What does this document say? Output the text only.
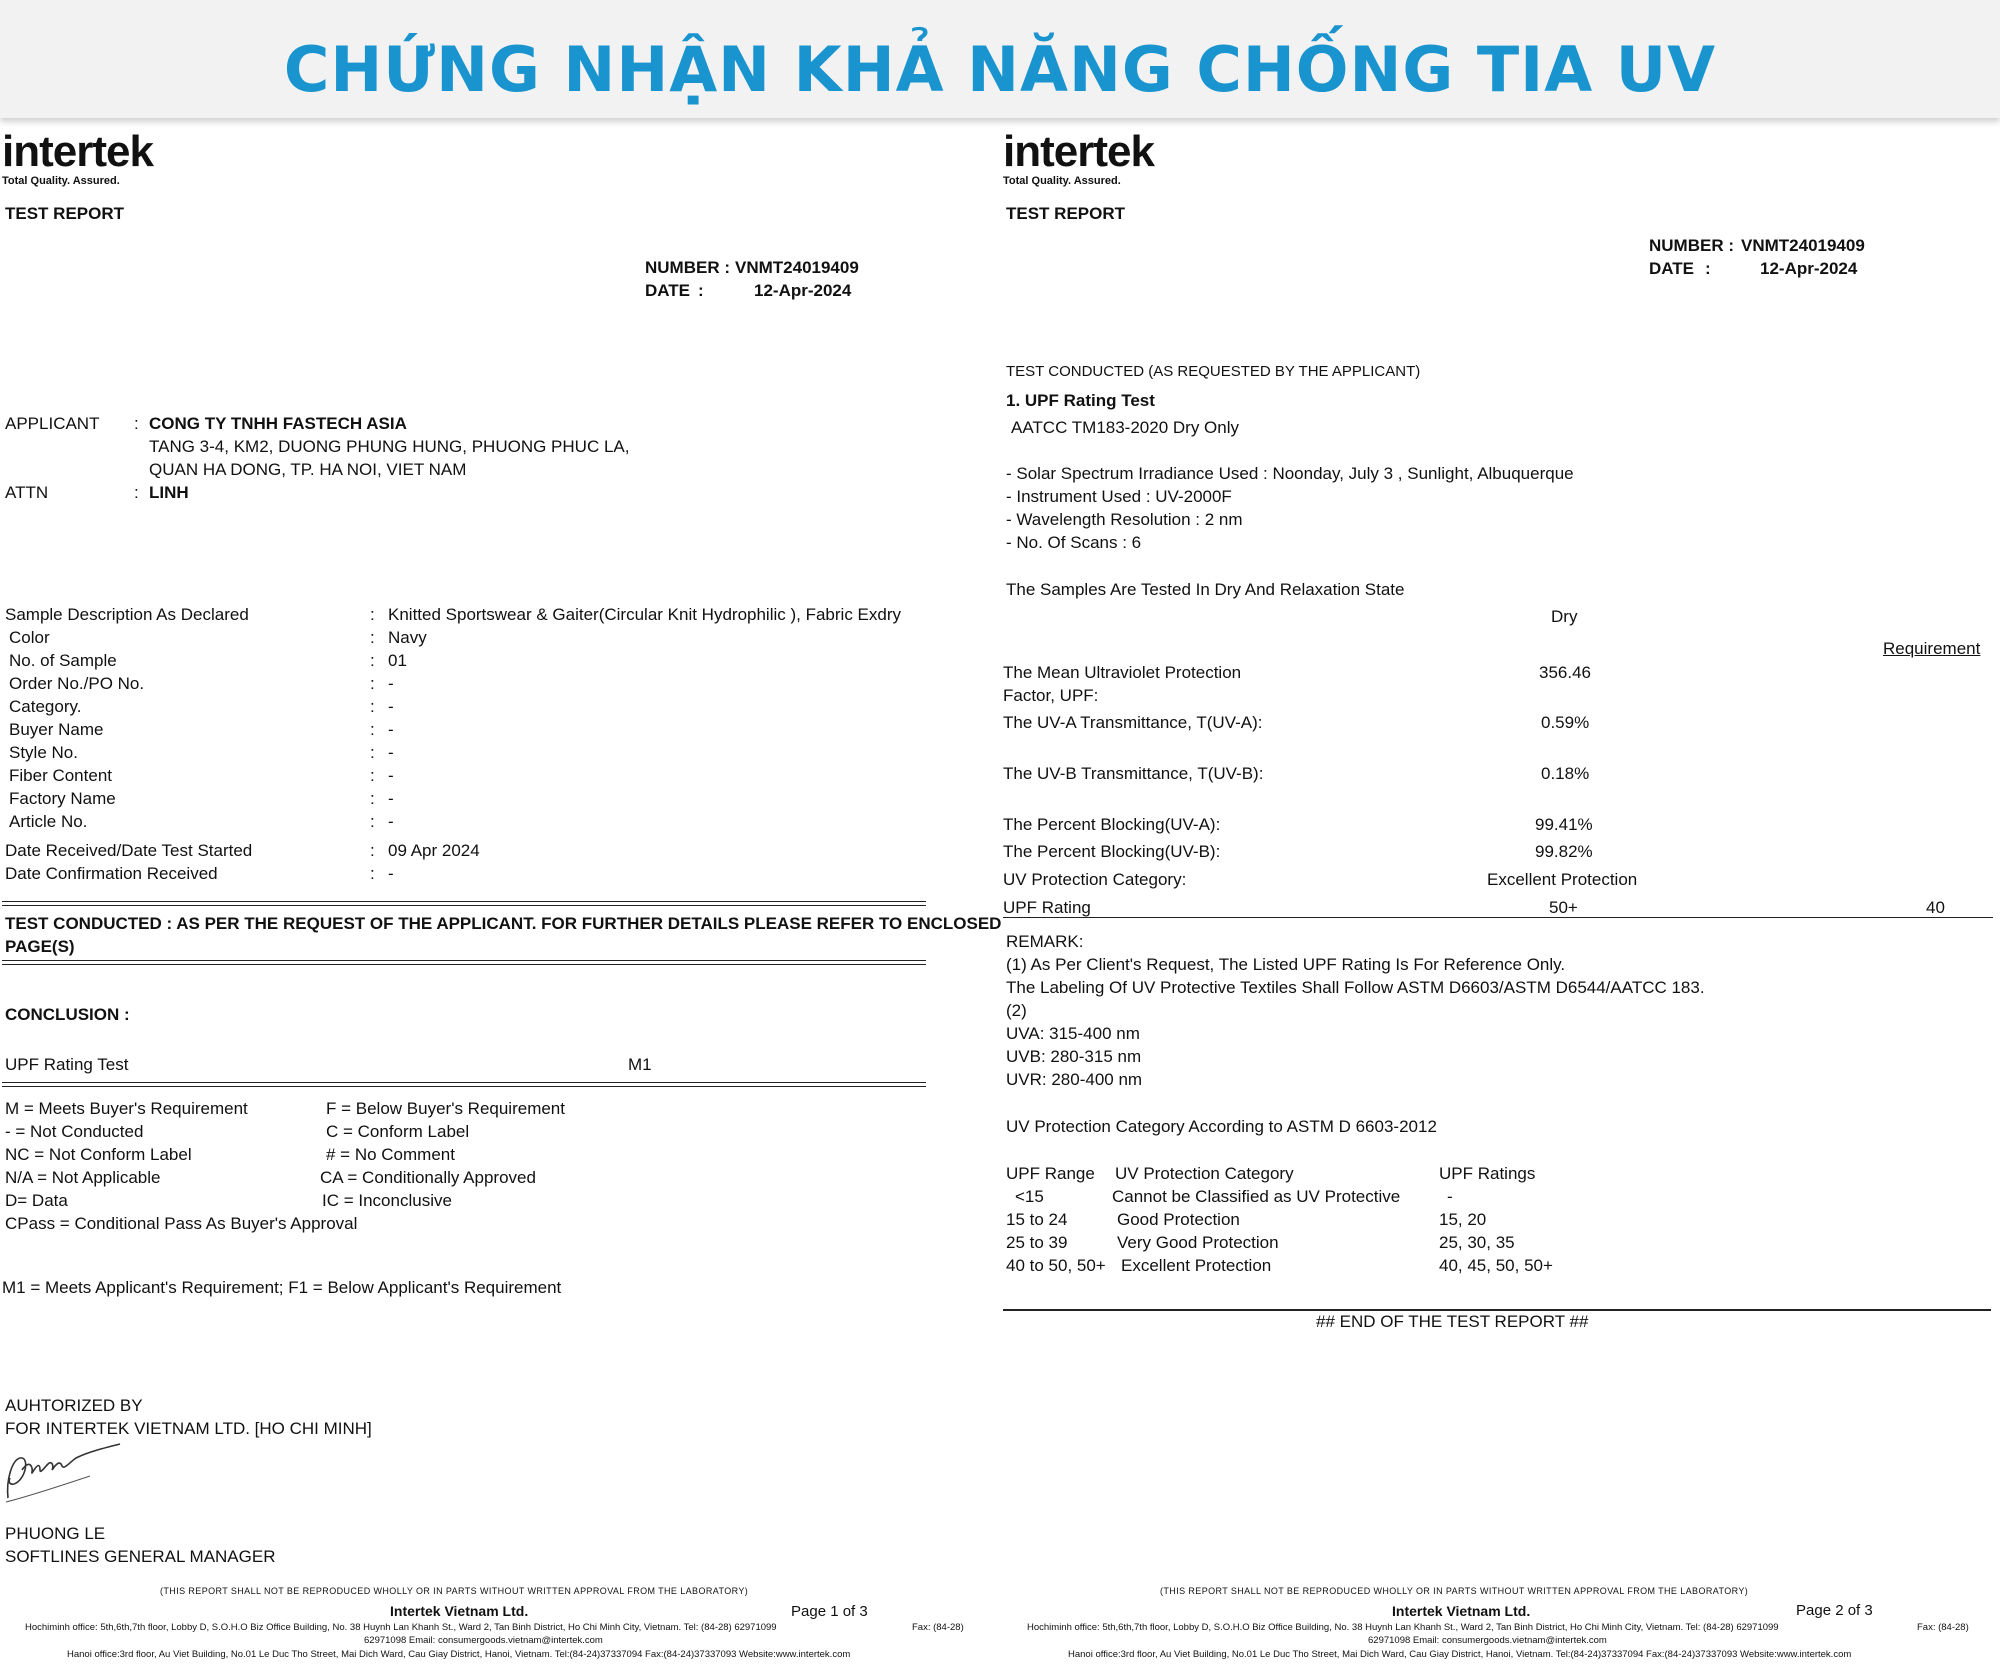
CHỨNG NHẬN KHẢ NĂNG CHỐNG TIA UV
intertek
Total Quality. Assured.
TEST REPORT
NUMBER : VNMT24019409
DATE :	12-Apr-2024
APPLICANT : CONG TY TNHH FASTECH ASIA
TANG 3-4, KM2, DUONG PHUNG HUNG, PHUONG PHUC LA,
QUAN HA DONG, TP. HA NOI, VIET NAM
ATTN	: LINH
Sample Description As Declared	: Knitted Sportswear & Gaiter(Circular Knit Hydrophilic ), Fabric Exdry
Color	: Navy
No. of Sample	: 01
Order No./PO No.	: -
Category.	: -
Buyer Name	: -
Style No.	: -
Fiber Content	: -
Factory Name	: -
Article No.	: -
Date Received/Date Test Started	: 09 Apr 2024
Date Confirmation Received	: -
TEST CONDUCTED : AS PER THE REQUEST OF THE APPLICANT. FOR FURTHER DETAILS PLEASE REFER TO ENCLOSED
PAGE(S)
CONCLUSION :
UPF Rating Test	M1
M = Meets Buyer's Requirement
- = Not Conducted
NC = Not Conform Label
N/A = Not Applicable
D= Data
CPass = Conditional Pass As Buyer's Approval
F = Below Buyer's Requirement
C = Conform Label
# = No Comment
CA = Conditionally Approved
IC = Inconclusive
M1 = Meets Applicant's Requirement; F1 = Below Applicant's Requirement
AUHTORIZED BY
FOR INTERTEK VIETNAM LTD. [HO CHI MINH]
PHUONG LE
SOFTLINES GENERAL MANAGER
(THIS REPORT SHALL NOT BE REPRODUCED WHOLLY OR IN PARTS WITHOUT WRITTEN APPROVAL FROM THE LABORATORY)
Intertek Vietnam Ltd.	Page 1 of 3
Hochiminh office: 5th,6th,7th floor, Lobby D, S.O.H.O Biz Office Building, No. 38 Huynh Lan Khanh St., Ward 2, Tan Binh District, Ho Chi Minh City, Vietnam. Tel: (84-28) 62971099	Fax: (84-28)
62971098 Email: consumergoods.vietnam@intertek.com
Hanoi office:3rd floor, Au Viet Building, No.01 Le Duc Tho Street, Mai Dich Ward, Cau Giay District, Hanoi, Vietnam. Tel:(84-24)37337094 Fax:(84-24)37337093 Website:www.intertek.com
intertek
Total Quality. Assured.
TEST REPORT
NUMBER : VNMT24019409
DATE :	12-Apr-2024
TEST CONDUCTED (AS REQUESTED BY THE APPLICANT)
1. UPF Rating Test
AATCC TM183-2020 Dry Only
- Solar Spectrum Irradiance Used : Noonday, July 3 , Sunlight, Albuquerque
- Instrument Used : UV-2000F
- Wavelength Resolution : 2 nm
- No. Of Scans : 6
The Samples Are Tested In Dry And Relaxation State
Dry
Requirement
The Mean Ultraviolet Protection
Factor, UPF:
356.46
The UV-A Transmittance, T(UV-A):	0.59%
The UV-B Transmittance, T(UV-B):	0.18%
The Percent Blocking(UV-A):	99.41%
The Percent Blocking(UV-B):	99.82%
UV Protection Category:	Excellent Protection
UPF Rating	50+	40
REMARK:
(1) As Per Client's Request, The Listed UPF Rating Is For Reference Only.
The Labeling Of UV Protective Textiles Shall Follow ASTM D6603/ASTM D6544/AATCC 183.
(2)
UVA: 315-400 nm
UVB: 280-315 nm
UVR: 280-400 nm
UV Protection Category According to ASTM D 6603-2012
UPF Range UV Protection Category	UPF Ratings
<15	Cannot be Classified as UV Protective	-
15 to 24	Good Protection	15, 20
25 to 39	Very Good Protection	25, 30, 35
40 to 50, 50+ Excellent Protection	40, 45, 50, 50+
## END OF THE TEST REPORT ##
(THIS REPORT SHALL NOT BE REPRODUCED WHOLLY OR IN PARTS WITHOUT WRITTEN APPROVAL FROM THE LABORATORY)
Intertek Vietnam Ltd.	Page 2 of 3
Hochiminh office: 5th,6th,7th floor, Lobby D, S.O.H.O Biz Office Building, No. 38 Huynh Lan Khanh St., Ward 2, Tan Binh District, Ho Chi Minh City, Vietnam. Tel: (84-28) 62971099	Fax: (84-28)
62971098 Email: consumergoods.vietnam@intertek.com
Hanoi office:3rd floor, Au Viet Building, No.01 Le Duc Tho Street, Mai Dich Ward, Cau Giay District, Hanoi, Vietnam. Tel:(84-24)37337094 Fax:(84-24)37337093 Website:www.intertek.com
